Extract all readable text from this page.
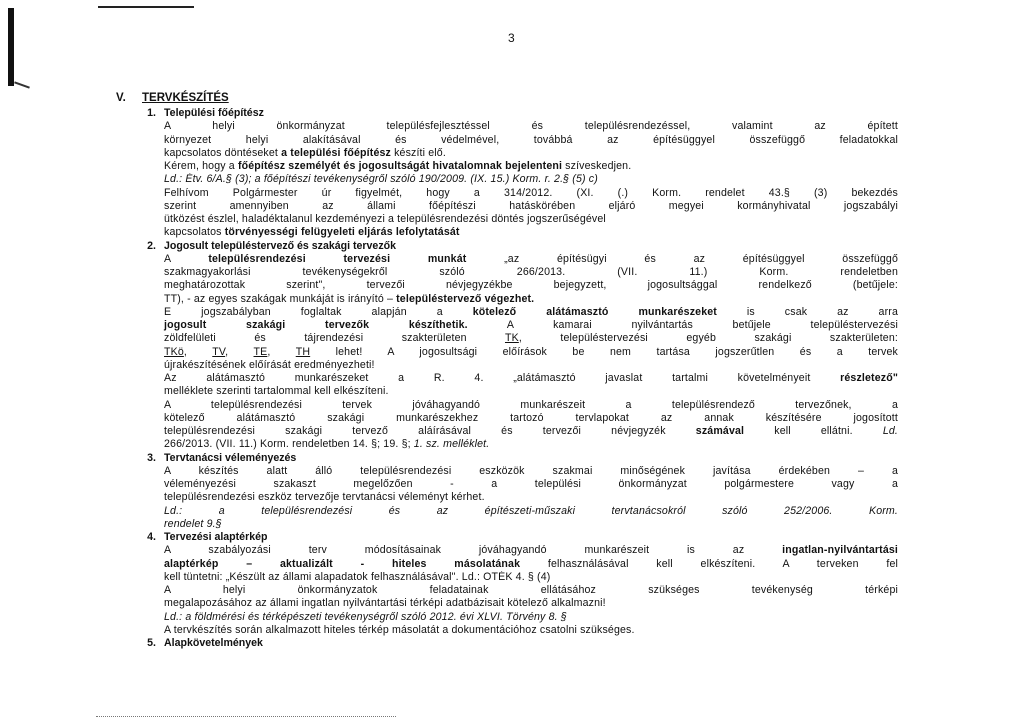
3
V. TERVKÉSZÍTÉS
1. Települési főépítész
A helyi önkormányzat településfejlesztéssel és településrendezéssel, valamint az épített
környezet helyi alakításával és védelmével, továbbá az építésüggyel összefüggő feladatokkal
kapcsolatos döntéseket a települési főépítész készíti elő.
Kérem, hogy a főépítész személyét és jogosultságát hivatalomnak bejelenteni szíveskedjen.
Ld.: Étv. 6/A.§ (3); a főépítészi tevékenységről szóló 190/2009. (IX. 15.) Korm. r. 2.§ (5) c)
Felhívom Polgármester úr figyelmét, hogy a 314/2012. (XI. (.) Korm. rendelet 43.§ (3) bekezdés
szerint amennyiben az állami főépítészi hatáskörében eljáró megyei kormányhivatal jogszabályi
ütközést észlel, haladéktalanul kezdeményezi a településrendezési döntés jogszerűségével
kapcsolatos törvényességi felügyeleti eljárás lefolytatását
2. Jogosult településtervező és szakági tervezők
A településrendezési tervezési munkát „az építésügyi és az építésüggyel összefüggő
szakmagyakorlási tevékenységekről szóló 266/2013. (VII. 11.) Korm. rendeletben
meghatározottak szerint", tervezői névjegyzékbe bejegyzett, jogosultsággal rendelkező (betűjele:
TT), - az egyes szakágak munkáját is irányító – településtervező végezhet.
E jogszabályban foglaltak alapján a kötelező alátámasztó munkarészeket is csak az arra
jogosult szakági tervezők készíthetik. A kamarai nyilvántartás betűjele településtervezési
zöldfelületi és tájrendezési szakterületen TK, településtervezési egyéb szakági szakterületen:
TKö, TV, TE, TH lehet! A jogosultsági előírások be nem tartása jogszerűtlen és a tervek
újrakészítésének előírását eredményezheti!
Az alátámasztó munkarészeket a R. 4. „alátámasztó javaslat tartalmi követelményeit részletező"
melléklete szerinti tartalommal kell elkészíteni.
A településrendezési tervek jóváhagyandó munkarészeit a településrendező tervezőnek, a
kötelező alátámasztó szakági munkarészekhez tartozó tervlapokat az annak készítésére jogosított
településrendezési szakági tervező aláírásával és tervezői névjegyzék számával kell ellátni. Ld.
266/2013. (VII. 11.) Korm. rendeletben 14. §; 19. §; 1. sz. melléklet.
3. Tervtanácsi véleményezés
A készítés alatt álló településrendezési eszközök szakmai minőségének javítása érdekében – a
véleményezési szakaszt megelőzően - a települési önkormányzat polgármestere vagy a
településrendezési eszköz tervezője tervtanácsi véleményt kérhet.
Ld.: a településrendezési és az építészeti-műszaki tervtanácsokról szóló 252/2006. Korm.
rendelet 9.§
4. Tervezési alaptérkép
A szabályozási terv módosításainak jóváhagyandó munkarészeit is az ingatlan-nyilvántartási
alaptérkép – aktualizált - hiteles másolatának felhasználásával kell elkészíteni. A terveken fel
kell tüntetni: „Készült az állami alapadatok felhasználásával". Ld.: OTÉK 4. § (4)
A helyi önkormányzatok feladatainak ellátásához szükséges tevékenység térképi
megalapozásához az állami ingatlan nyilvántartási térképi adatbázisait kötelező alkalmazni!
Ld.: a földmérési és térképészeti tevékenységről szóló 2012. évi XLVI. Törvény 8. §
A tervkészítés során alkalmazott hiteles térkép másolatát a dokumentációhoz csatolni szükséges.
5. Alapkövetelmények
